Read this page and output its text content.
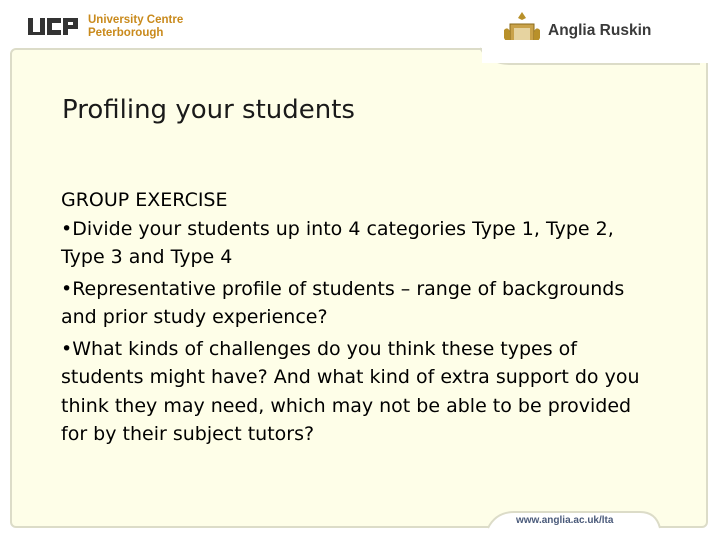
University Centre
Peterborough	Anglia Ruskin
Profiling your students

GROUP EXERCISE

•Divide your students up into 4 categories Type 1, Type 2, Type 3 and Type 4

•Representative profile of students – range of backgrounds and prior study experience?

•What kinds of challenges do you think these types of students might have? And what kind of extra support do you think they may need, which may not be able to be provided for by their subject tutors?

www.anglia.ac.uk/lta
